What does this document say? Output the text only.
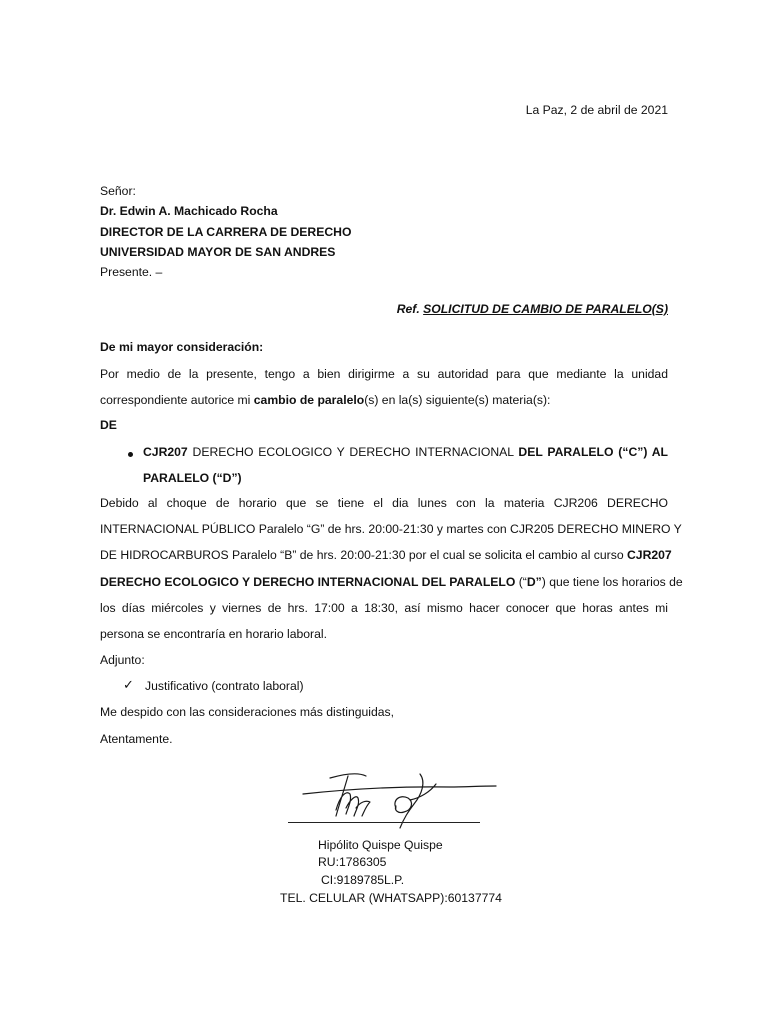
La Paz, 2 de abril de 2021
Señor:
Dr. Edwin A. Machicado Rocha
DIRECTOR DE LA CARRERA DE DERECHO
UNIVERSIDAD MAYOR DE SAN ANDRES
Presente. –
Ref. SOLICITUD DE CAMBIO DE PARALELO(S)
De mi mayor consideración:
Por medio de la presente, tengo a bien dirigirme a su autoridad para que mediante la unidad
correspondiente autorice mi cambio de paralelo(s) en la(s) siguiente(s) materia(s):
DE
CJR207 DERECHO ECOLOGICO Y DERECHO INTERNACIONAL DEL PARALELO (“C”) AL
PARALELO (“D”)
Debido al choque de horario que se tiene el dia lunes con la materia CJR206 DERECHO
INTERNACIONAL PÚBLICO Paralelo “G” de hrs. 20:00-21:30 y martes con CJR205 DERECHO MINERO Y
DE HIDROCARBUROS Paralelo “B” de hrs. 20:00-21:30 por el cual se solicita el cambio al curso CJR207
DERECHO ECOLOGICO Y DERECHO INTERNACIONAL DEL PARALELO (“D”) que tiene los horarios de
los días miércoles y viernes de hrs. 17:00 a 18:30, así mismo hacer conocer que horas antes mi
persona se encontraría en horario laboral.
Adjunto:
✓ Justificativo (contrato laboral)
Me despido con las consideraciones más distinguidas,
Atentamente.
Hipólito Quispe Quispe
RU:1786305
CI:9189785L.P.
TEL. CELULAR (WHATSAPP):60137774
